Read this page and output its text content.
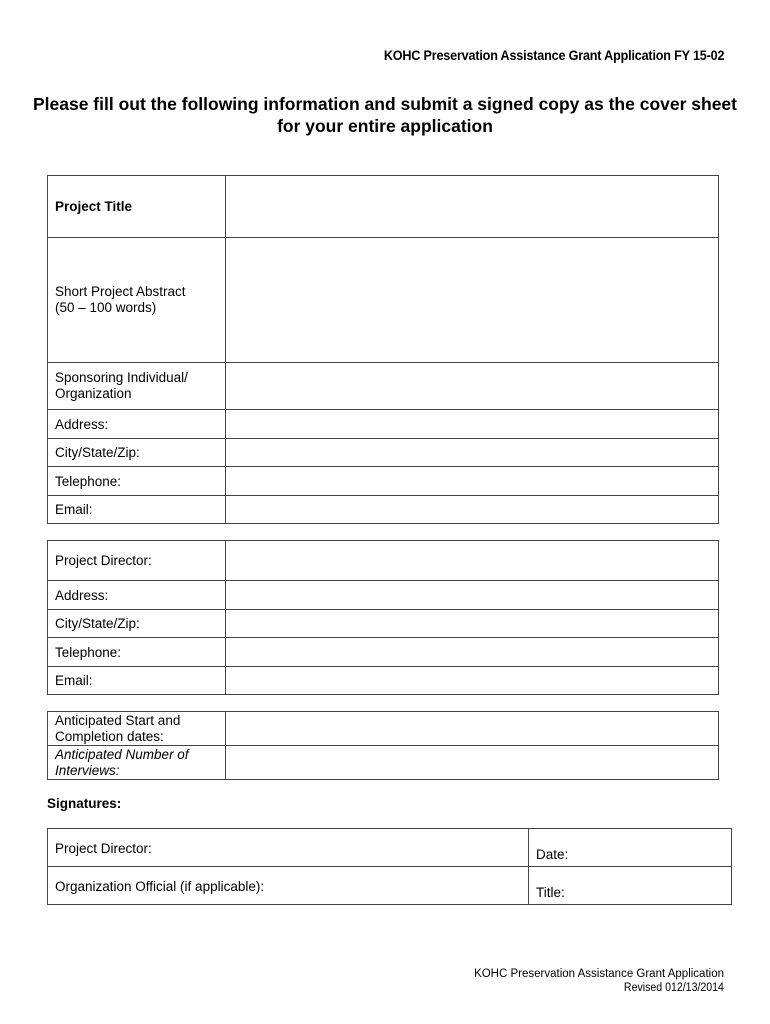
KOHC Preservation Assistance Grant Application FY 15-02
Please fill out the following information and submit a signed copy as the cover sheet for your entire application
Project Title	

Short Project Abstract
(50 – 100 words)	

Sponsoring Individual/
Organization	

Address:	
City/State/Zip:	
Telephone:	
Email:	
Project Director:	
Address:	
City/State/Zip:	
Telephone:	
Email:	
Anticipated Start and
Completion dates:	

Anticipated Number of
Interviews:	

Signatures:
Project Director:	Date:
Organization Official (if applicable):	Title:
KOHC Preservation Assistance Grant Application
Revised 012/13/2014
